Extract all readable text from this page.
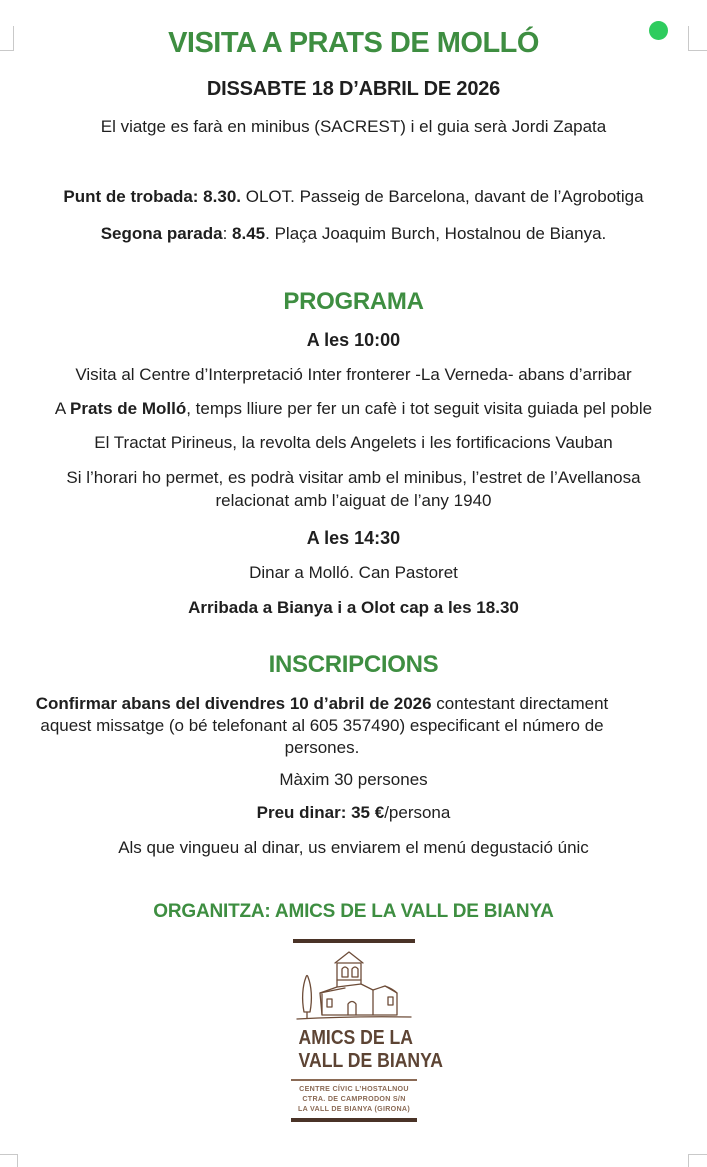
VISITA A PRATS DE MOLLÓ
DISSABTE 18 D’ABRIL DE 2026

El viatge es farà en minibus (SACREST) i el guia serà Jordi Zapata

Punt de trobada: 8.30. OLOT. Passeig de Barcelona, davant de l’Agrobotiga

Segona parada: 8.45. Plaça Joaquim Burch, Hostalnou de Bianya.

PROGRAMA

A les 10:00

Visita al Centre d’Interpretació Inter fronterer -La Verneda- abans d’arribar

A Prats de Molló, temps lliure per fer un cafè i tot seguit visita guiada pel poble

El Tractat Pirineus, la revolta dels Angelets i les fortificacions Vauban

Si l’horari ho permet, es podrà visitar amb el minibus, l’estret de l’Avellanosa relacionat amb l’aiguat de l’any 1940

A les 14:30

Dinar a Molló. Can Pastoret

Arribada a Bianya i a Olot cap a les 18.30

INSCRIPCIONS

Confirmar abans del divendres 10 d’abril de 2026 contestant directament aquest missatge (o bé telefonant al 605 357490) especificant el número de persones.

Màxim 30 persones

Preu dinar: 35 €/persona

Als que vingueu al dinar, us enviarem el menú degustació únic

ORGANITZA: AMICS DE LA VALL DE BIANYA

AMICS DE LA
VALL DE BIANYA
CENTRE CÍVIC L’HOSTALNOU
CTRA. DE CAMPRODON S/N
LA VALL DE BIANYA (GIRONA)
